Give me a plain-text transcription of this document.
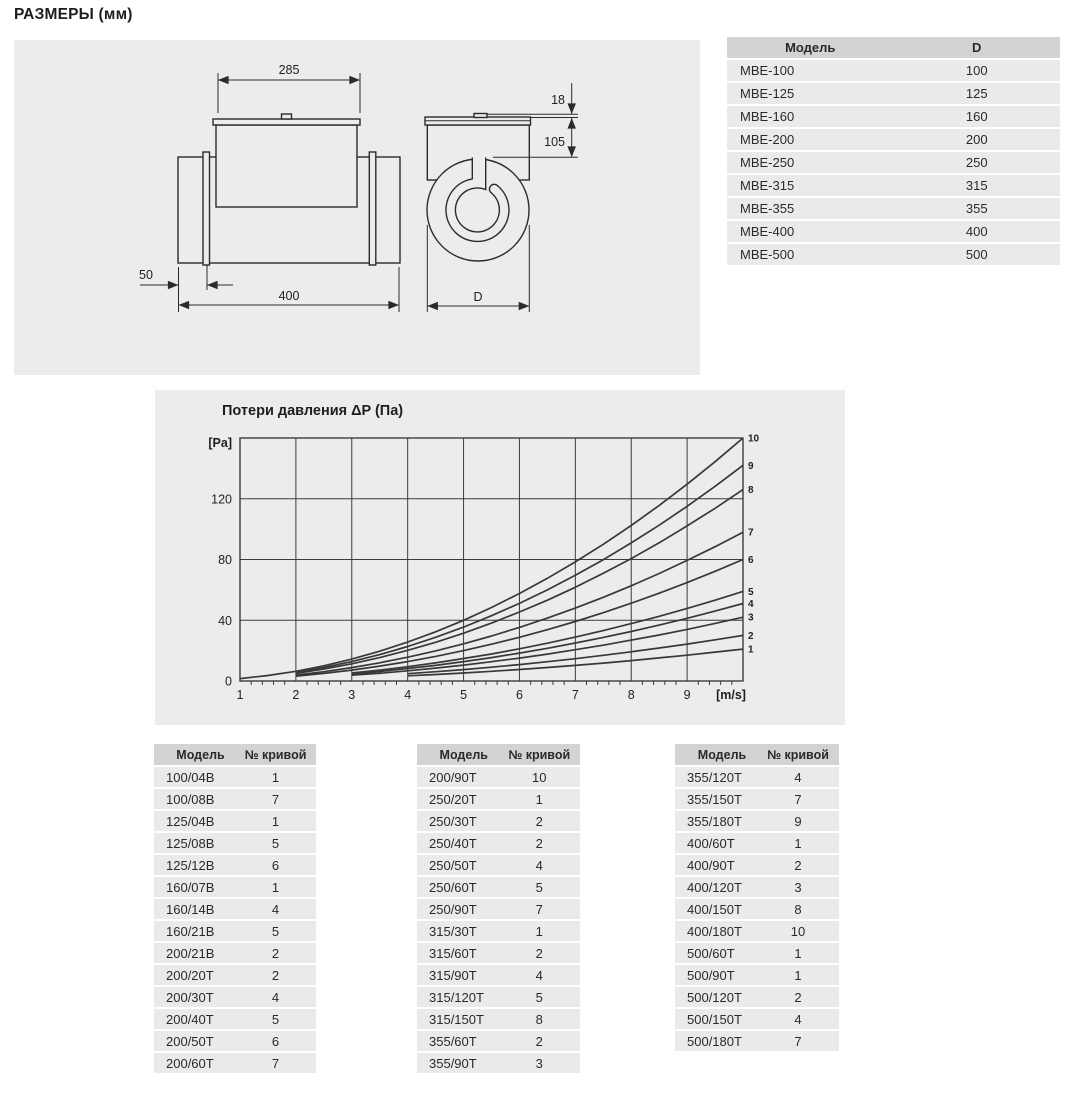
РАЗМЕРЫ (мм)
285
400
50
18
105
D
Модель	D
МВЕ-100	100
МВЕ-125	125
МВЕ-160	160
МВЕ-200	200
МВЕ-250	250
МВЕ-315	315
МВЕ-355	355
МВЕ-400	400
МВЕ-500	500
Потери давления ΔP (Па)
1
2
3
4
5
6
7
8
9
10
1	2	3	4	5	6	7	8	9
0
40
80
120
[Pa]
[m/s]
Модель	№ кривой
100/04B	1
100/08B	7
125/04B	1
125/08B	5
125/12B	6
160/07B	1
160/14B	4
160/21B	5
200/21B	2
200/20T	2
200/30T	4
200/40T	5
200/50T	6
200/60T	7
Модель	№ кривой
200/90T	10
250/20T	1
250/30T	2
250/40T	2
250/50T	4
250/60T	5
250/90T	7
315/30T	1
315/60T	2
315/90T	4
315/120T	5
315/150T	8
355/60T	2
355/90T	3
Модель	№ кривой
355/120T	4
355/150T	7
355/180T	9
400/60T	1
400/90T	2
400/120T	3
400/150T	8
400/180T	10
500/60T	1
500/90T	1
500/120T	2
500/150T	4
500/180T	7
